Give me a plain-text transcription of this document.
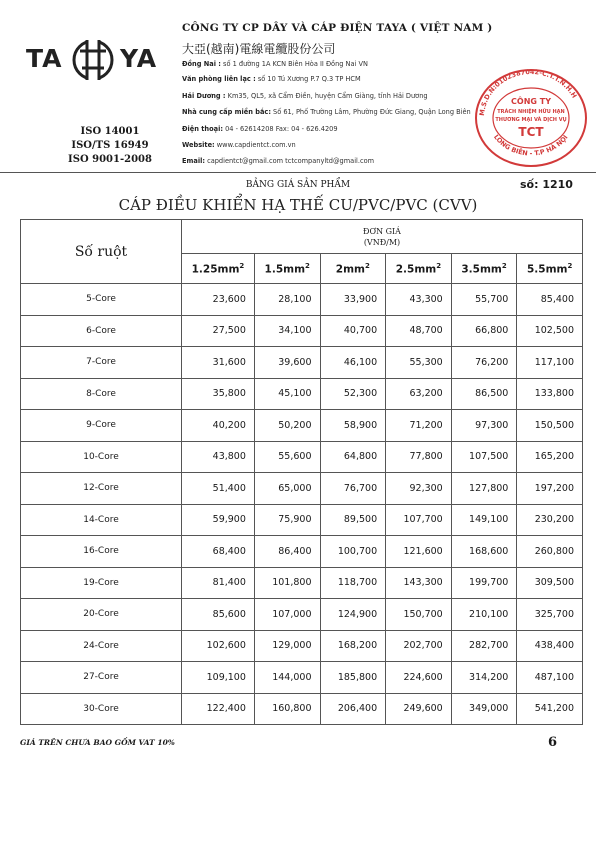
TA YA
ISO 14001
ISO/TS 16949
ISO 9001-2008
CÔNG TY CP DÂY VÀ CÁP ĐIỆN TAYA ( VIỆT NAM )
大亞(越南)電線電纜股份公司
Đồng Nai : số 1 đường 1A KCN Biên Hòa II Đồng Nai VN
Văn phòng liên lạc : số 10 Tú Xương P.7 Q.3 TP HCM
Hải Dương : Km35, QL5, xã Cẩm Điền, huyện Cẩm Giàng, tỉnh Hải Dương
Nhà cung cấp miền bắc: Số 61, Phố Trường Lâm, Phường Đức Giang, Quận Long Biên
Điện thoại: 04 - 62614208 Fax: 04 - 626.4209
Website: www.capdientct.com.vn
Email: capdientct@gmail.com tctcompanyltd@gmail.com
M.S.D.N:0102387042-C.T.T.N.H.H
LONG BIÊN - T.P HÀ NỘI
CÔNG TY
TRÁCH NHIỆM HỮU HẠN
THƯƠNG MẠI VÀ DỊCH VỤ
TCT
BẢNG GIÁ SẢN PHẨM	số: 1210
CÁP ĐIỀU KHIỂN HẠ THẾ CU/PVC/PVC (CVV)
Số ruột	ĐƠN GIÁ
(VNĐ/M)					

	$1.25mm^2$	$1.5mm^2$	$2mm^2$	$2.5mm^2$	$3.5mm^2$	$5.5mm^2$
5-Core	23,600	28,100	33,900	43,300	55,700	85,400
6-Core	27,500	34,100	40,700	48,700	66,800	102,500
7-Core	31,600	39,600	46,100	55,300	76,200	117,100
8-Core	35,800	45,100	52,300	63,200	86,500	133,800
9-Core	40,200	50,200	58,900	71,200	97,300	150,500
10-Core	43,800	55,600	64,800	77,800	107,500	165,200
12-Core	51,400	65,000	76,700	92,300	127,800	197,200
14-Core	59,900	75,900	89,500	107,700	149,100	230,200
16-Core	68,400	86,400	100,700	121,600	168,600	260,800
19-Core	81,400	101,800	118,700	143,300	199,700	309,500
20-Core	85,600	107,000	124,900	150,700	210,100	325,700
24-Core	102,600	129,000	168,200	202,700	282,700	438,400
27-Core	109,100	144,000	185,800	224,600	314,200	487,100
30-Core	122,400	160,800	206,400	249,600	349,000	541,200
GIÁ TRÊN CHƯA BAO GỒM VAT 10%	6
